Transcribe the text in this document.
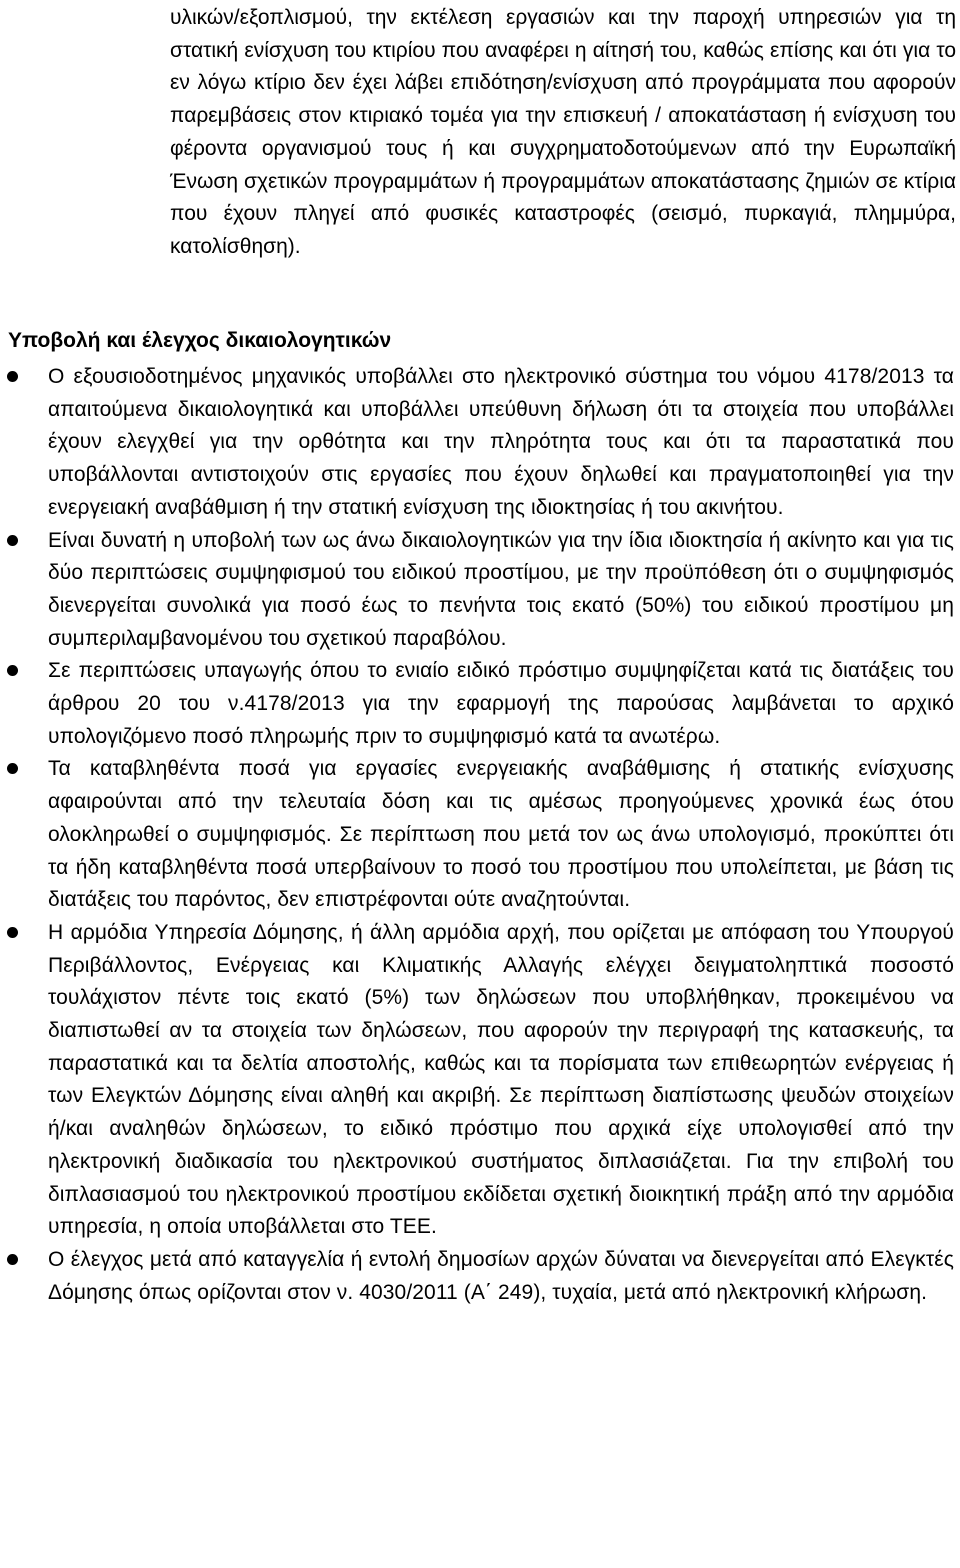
υλικών/εξοπλισμού, την εκτέλεση εργασιών και την παροχή υπηρεσιών για τη στατική ενίσχυση του κτιρίου που αναφέρει η αίτησή του, καθώς επίσης και ότι για το εν λόγω κτίριο δεν έχει λάβει επιδότηση/ενίσχυση από προγράμματα που αφορούν παρεμβάσεις στον κτιριακό τομέα για την επισκευή / αποκατάσταση ή ενίσχυση του φέροντα οργανισμού τους ή και συγχρηματοδοτούμενων από την Ευρωπαϊκή Ένωση σχετικών προγραμμάτων ή προγραμμάτων αποκατάστασης ζημιών σε κτίρια που έχουν πληγεί από φυσικές καταστροφές (σεισμό, πυρκαγιά, πλημμύρα, κατολίσθηση).

Υποβολή και έλεγχος δικαιολογητικών

Ο εξουσιοδοτημένος μηχανικός υποβάλλει στο ηλεκτρονικό σύστημα του νόμου 4178/2013 τα απαιτούμενα δικαιολογητικά και υποβάλλει υπεύθυνη δήλωση ότι τα στοιχεία που υποβάλλει έχουν ελεγχθεί για την ορθότητα και την πληρότητα τους και ότι τα παραστατικά που υποβάλλονται αντιστοιχούν στις εργασίες που έχουν δηλωθεί και πραγματοποιηθεί για την ενεργειακή αναβάθμιση ή την στατική ενίσχυση της ιδιοκτησίας ή του ακινήτου.

Είναι δυνατή η υποβολή των ως άνω δικαιολογητικών για την ίδια ιδιοκτησία ή ακίνητο και για τις δύο περιπτώσεις συμψηφισμού του ειδικού προστίμου, με την προϋπόθεση ότι ο συμψηφισμός διενεργείται συνολικά για ποσό έως το πενήντα τοις εκατό (50%) του ειδικού προστίμου μη συμπεριλαμβανομένου του σχετικού παραβόλου.

Σε περιπτώσεις υπαγωγής όπου το ενιαίο ειδικό πρόστιμο συμψηφίζεται κατά τις διατάξεις του άρθρου 20 του ν.4178/2013 για την εφαρμογή της παρούσας λαμβάνεται το αρχικό υπολογιζόμενο ποσό πληρωμής πριν το συμψηφισμό κατά τα ανωτέρω.

Τα καταβληθέντα ποσά για εργασίες ενεργειακής αναβάθμισης ή στατικής ενίσχυσης αφαιρούνται από την τελευταία δόση και τις αμέσως προηγούμενες χρονικά έως ότου ολοκληρωθεί ο συμψηφισμός. Σε περίπτωση που μετά τον ως άνω υπολογισμό, προκύπτει ότι τα ήδη καταβληθέντα ποσά υπερβαίνουν το ποσό του προστίμου που υπολείπεται, με βάση τις διατάξεις του παρόντος, δεν επιστρέφονται ούτε αναζητούνται.

Η αρμόδια Υπηρεσία Δόμησης, ή άλλη αρμόδια αρχή, που ορίζεται με απόφαση του Υπουργού Περιβάλλοντος, Ενέργειας και Κλιματικής Αλλαγής ελέγχει δειγματοληπτικά ποσοστό τουλάχιστον πέντε τοις εκατό (5%) των δηλώσεων που υποβλήθηκαν, προκειμένου να διαπιστωθεί αν τα στοιχεία των δηλώσεων, που αφορούν την περιγραφή της κατασκευής, τα παραστατικά και τα δελτία αποστολής, καθώς και τα πορίσματα των επιθεωρητών ενέργειας ή των Ελεγκτών Δόμησης είναι αληθή και ακριβή. Σε περίπτωση διαπίστωσης ψευδών στοιχείων ή/και αναληθών δηλώσεων, το ειδικό πρόστιμο που αρχικά είχε υπολογισθεί από την ηλεκτρονική διαδικασία του ηλεκτρονικού συστήματος διπλασιάζεται. Για την επιβολή του διπλασιασμού του ηλεκτρονικού προστίμου εκδίδεται σχετική διοικητική πράξη από την αρμόδια υπηρεσία, η οποία υποβάλλεται στο ΤΕΕ.

Ο έλεγχος μετά από καταγγελία ή εντολή δημοσίων αρχών δύναται να διενεργείται από Ελεγκτές Δόμησης όπως ορίζονται στον ν. 4030/2011 (Α΄ 249), τυχαία, μετά από ηλεκτρονική κλήρωση.
